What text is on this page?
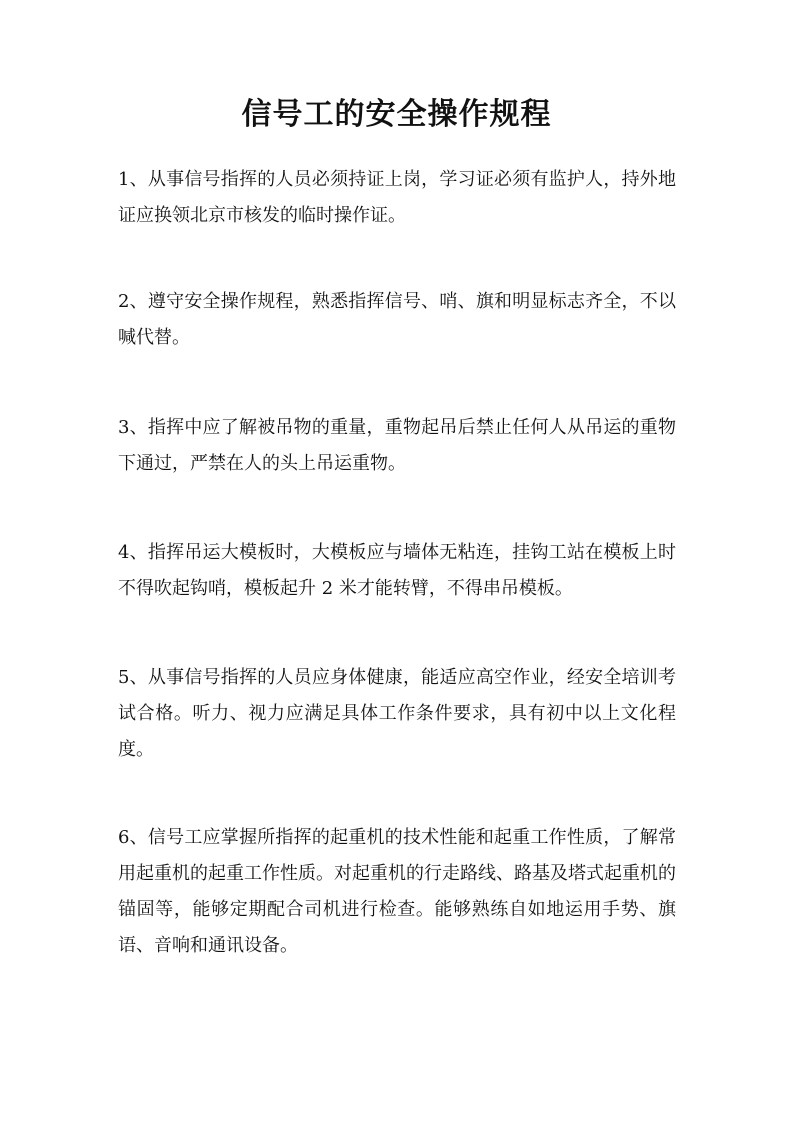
信号工的安全操作规程

1、从事信号指挥的人员必须持证上岗，学习证必须有监护人，持外地证应换领北京市核发的临时操作证。

2、遵守安全操作规程，熟悉指挥信号、哨、旗和明显标志齐全，不以喊代替。

3、指挥中应了解被吊物的重量，重物起吊后禁止任何人从吊运的重物下通过，严禁在人的头上吊运重物。

4、指挥吊运大模板时，大模板应与墙体无粘连，挂钩工站在模板上时不得吹起钩哨，模板起升 2 米才能转臂，不得串吊模板。

5、从事信号指挥的人员应身体健康，能适应高空作业，经安全培训考试合格。听力、视力应满足具体工作条件要求，具有初中以上文化程度。

6、信号工应掌握所指挥的起重机的技术性能和起重工作性质，了解常用起重机的起重工作性质。对起重机的行走路线、路基及塔式起重机的锚固等，能够定期配合司机进行检查。能够熟练自如地运用手势、旗语、音响和通讯设备。
